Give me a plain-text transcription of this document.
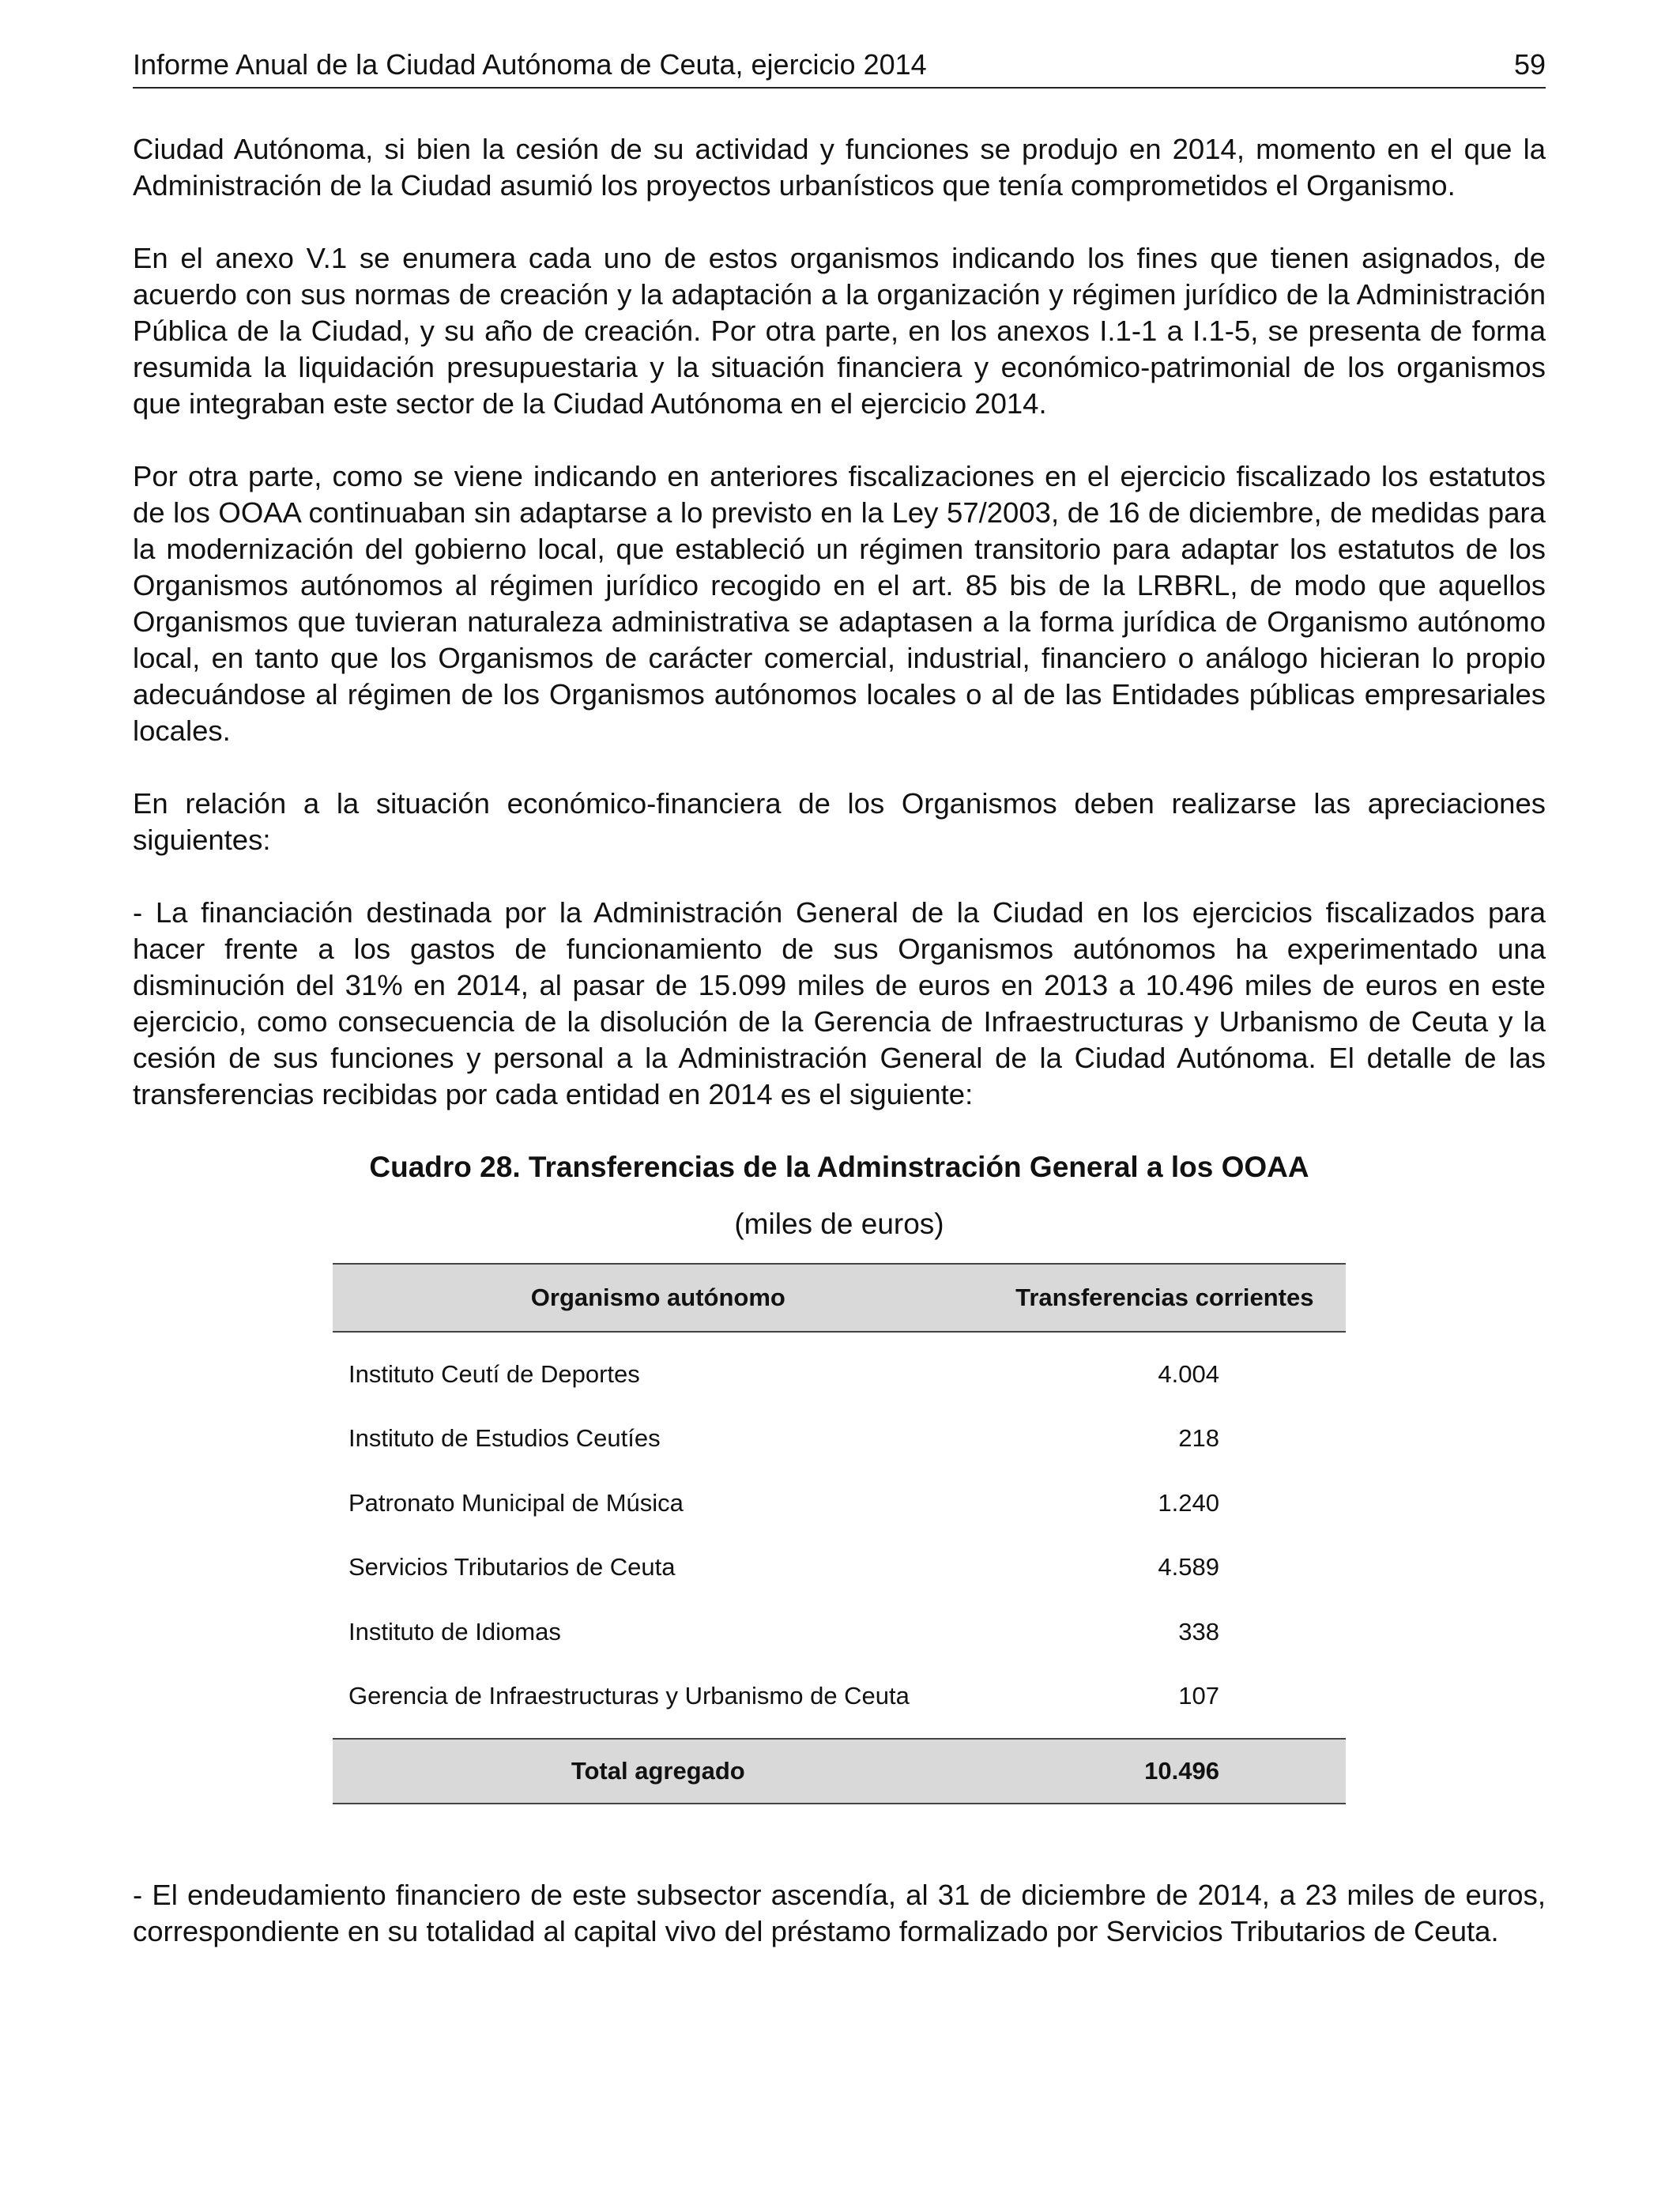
Informe Anual de la Ciudad Autónoma de Ceuta, ejercicio 2014	59

Ciudad Autónoma, si bien la cesión de su actividad y funciones se produjo en 2014, momento en el que la Administración de la Ciudad asumió los proyectos urbanísticos que tenía comprometidos el Organismo.

En el anexo V.1 se enumera cada uno de estos organismos indicando los fines que tienen asignados, de acuerdo con sus normas de creación y la adaptación a la organización y régimen jurídico de la Administración Pública de la Ciudad, y su año de creación. Por otra parte, en los anexos I.1-1 a I.1-5, se presenta de forma resumida la liquidación presupuestaria y la situación financiera y económico-patrimonial de los organismos que integraban este sector de la Ciudad Autónoma en el ejercicio 2014.

Por otra parte, como se viene indicando en anteriores fiscalizaciones en el ejercicio fiscalizado los estatutos de los OOAA continuaban sin adaptarse a lo previsto en la Ley 57/2003, de 16 de diciembre, de medidas para la modernización del gobierno local, que estableció un régimen transitorio para adaptar los estatutos de los Organismos autónomos al régimen jurídico recogido en el art. 85 bis de la LRBRL, de modo que aquellos Organismos que tuvieran naturaleza administrativa se adaptasen a la forma jurídica de Organismo autónomo local, en tanto que los Organismos de carácter comercial, industrial, financiero o análogo hicieran lo propio adecuándose al régimen de los Organismos autónomos locales o al de las Entidades públicas empresariales locales.

En relación a la situación económico-financiera de los Organismos deben realizarse las apreciaciones siguientes:

- La financiación destinada por la Administración General de la Ciudad en los ejercicios fiscalizados para hacer frente a los gastos de funcionamiento de sus Organismos autónomos ha experimentado una disminución del 31% en 2014, al pasar de 15.099 miles de euros en 2013 a 10.496 miles de euros en este ejercicio, como consecuencia de la disolución de la Gerencia de Infraestructuras y Urbanismo de Ceuta y la cesión de sus funciones y personal a la Administración General de la Ciudad Autónoma. El detalle de las transferencias recibidas por cada entidad en 2014 es el siguiente:

Cuadro 28. Transferencias de la Adminstración General a los OOAA
(miles de euros)
Organismo autónomo	Transferencias corrientes
Instituto Ceutí de Deportes	4.004
Instituto de Estudios Ceutíes	218
Patronato Municipal de Música	1.240
Servicios Tributarios de Ceuta	4.589
Instituto de Idiomas	338
Gerencia de Infraestructuras y Urbanismo de Ceuta	107
Total agregado	10.496

- El endeudamiento financiero de este subsector ascendía, al 31 de diciembre de 2014, a 23 miles de euros, correspondiente en su totalidad al capital vivo del préstamo formalizado por Servicios Tributarios de Ceuta.
